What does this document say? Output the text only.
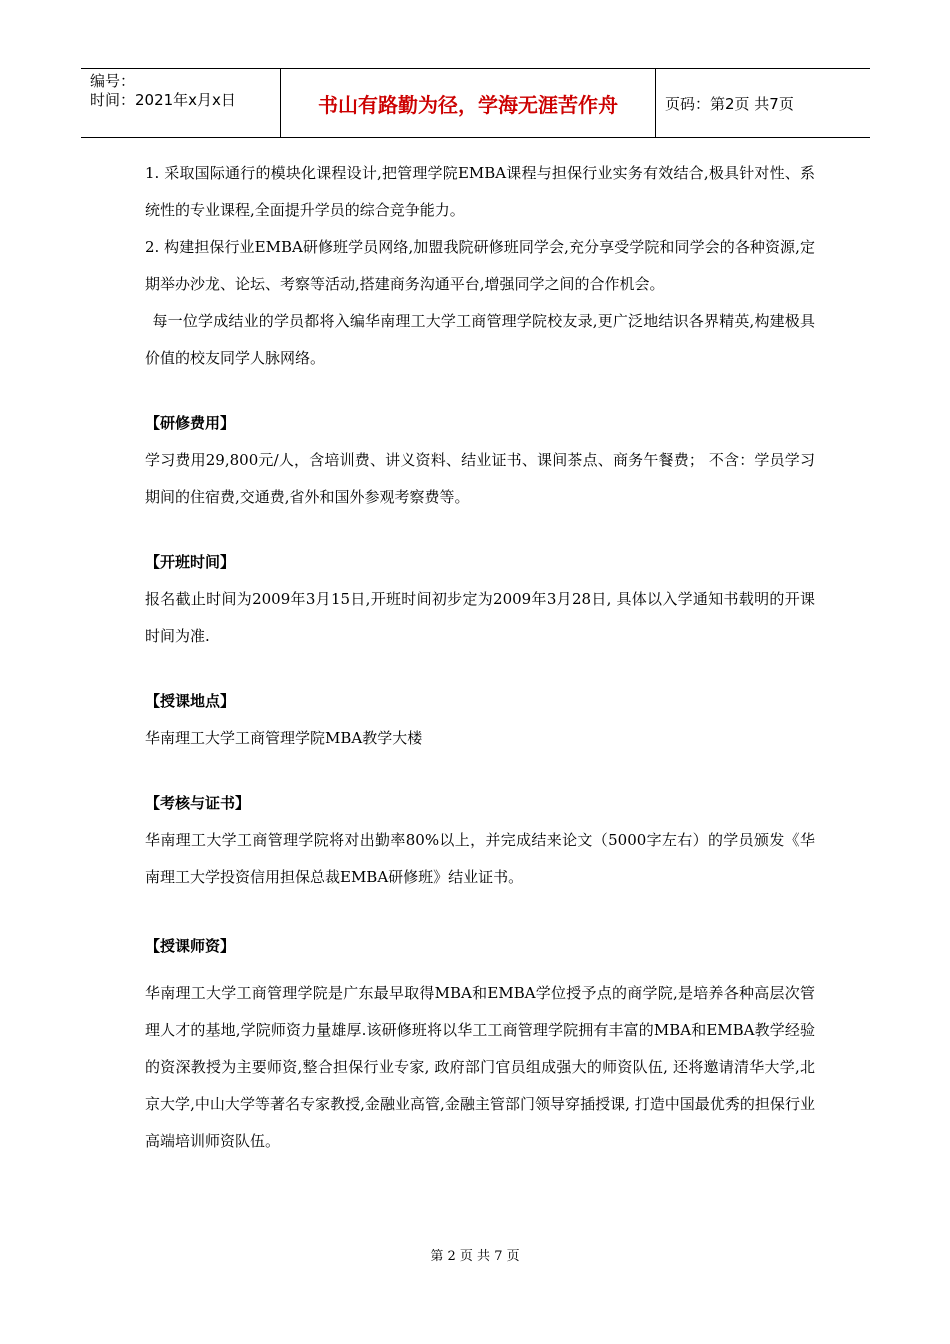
编号：
时间：2021年x月x日	书山有路勤为径，学海无涯苦作舟	页码：第2页 共7页

1. 采取国际通行的模块化课程设计,把管理学院EMBA课程与担保行业实务有效结合,极具针对性、系统性的专业课程,全面提升学员的综合竞争能力。

2. 构建担保行业EMBA研修班学员网络,加盟我院研修班同学会,充分享受学院和同学会的各种资源,定期举办沙龙、论坛、考察等活动,搭建商务沟通平台,增强同学之间的合作机会。

每一位学成结业的学员都将入编华南理工大学工商管理学院校友录,更广泛地结识各界精英,构建极具价值的校友同学人脉网络。

【研修费用】

学习费用29,800元/人，含培训费、讲义资料、结业证书、课间茶点、商务午餐费； 不含：学员学习期间的住宿费,交通费,省外和国外参观考察费等。

【开班时间】

报名截止时间为2009年3月15日,开班时间初步定为2009年3月28日, 具体以入学通知书载明的开课时间为准.

【授课地点】

华南理工大学工商管理学院MBA教学大楼

【考核与证书】

华南理工大学工商管理学院将对出勤率80%以上，并完成结来论文（5000字左右）的学员颁发《华南理工大学投资信用担保总裁EMBA研修班》结业证书。

【授课师资】

华南理工大学工商管理学院是广东最早取得MBA和EMBA学位授予点的商学院,是培养各种高层次管理人才的基地,学院师资力量雄厚.该研修班将以华工工商管理学院拥有丰富的MBA和EMBA教学经验的资深教授为主要师资,整合担保行业专家, 政府部门官员组成强大的师资队伍, 还将邀请清华大学,北京大学,中山大学等著名专家教授,金融业高管,金融主管部门领导穿插授课, 打造中国最优秀的担保行业高端培训师资队伍。

第 2 页 共 7 页
